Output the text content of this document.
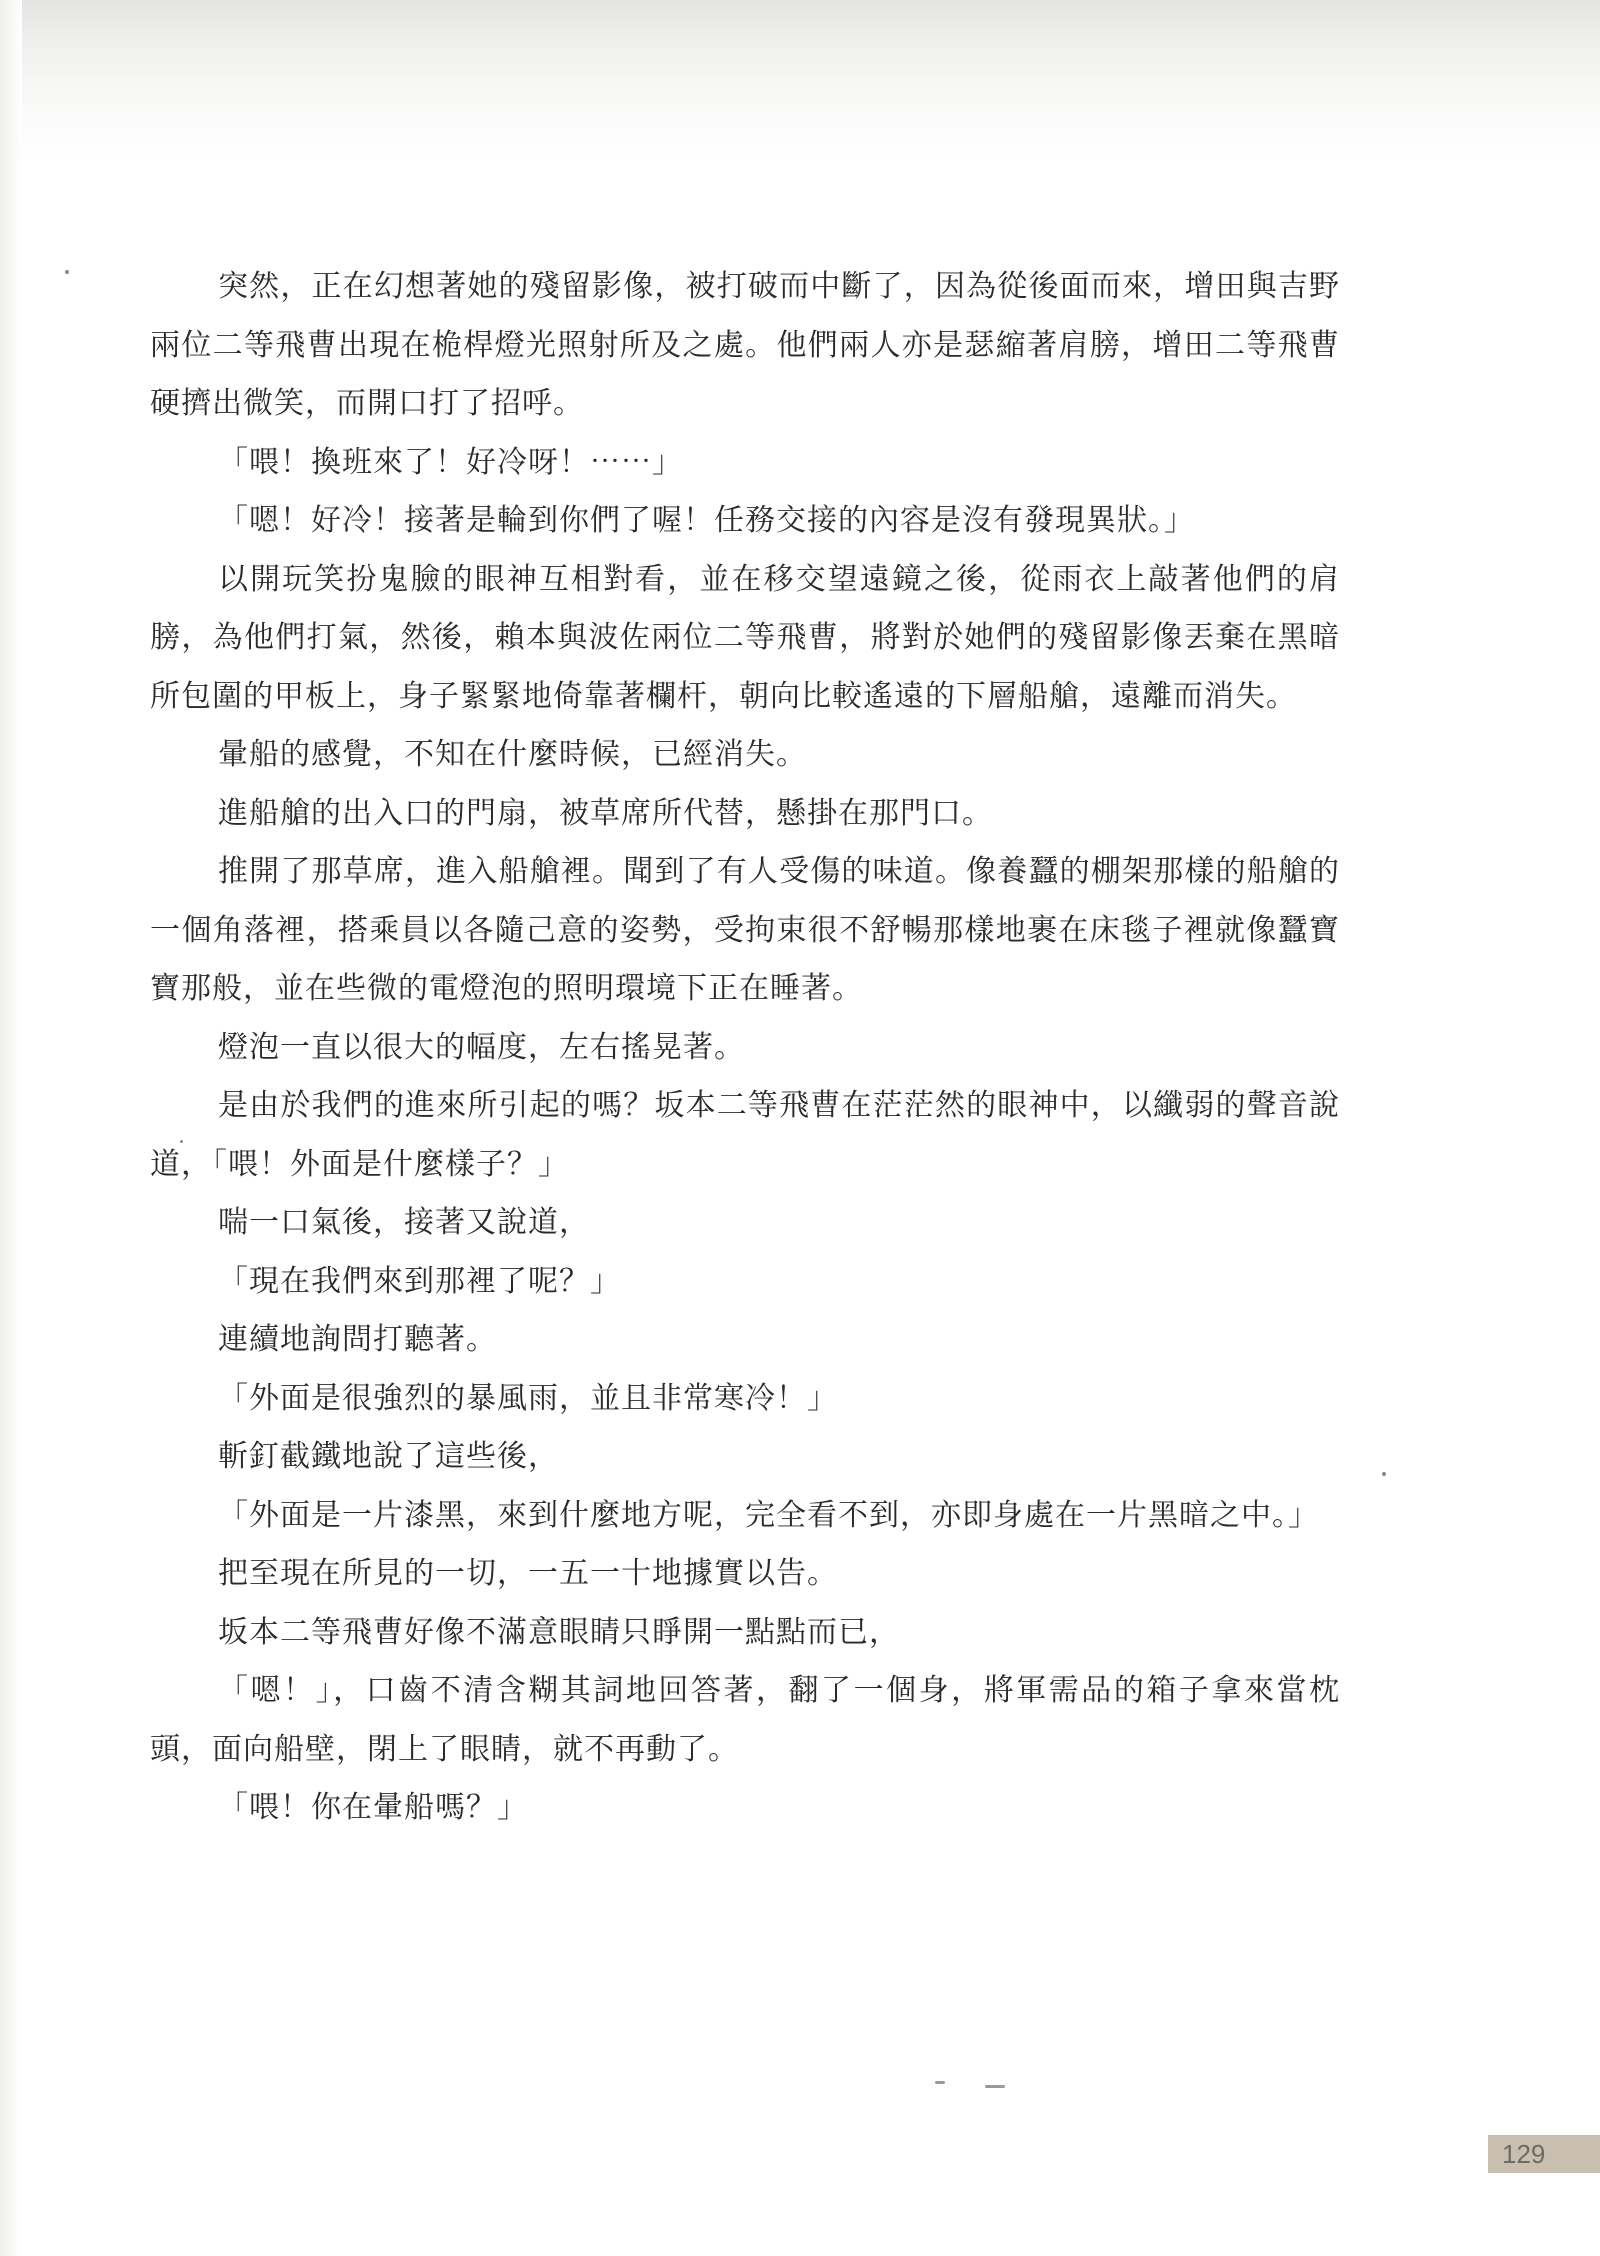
突然，正在幻想著她的殘留影像，被打破而中斷了，因為從後面而來，增田與吉野兩位二等飛曹出現在桅桿燈光照射所及之處。他們兩人亦是瑟縮著肩膀，增田二等飛曹硬擠出微笑，而開口打了招呼。

「喂！換班來了！好冷呀！⋯⋯」

「嗯！好冷！接著是輪到你們了喔！任務交接的內容是沒有發現異狀。」

以開玩笑扮鬼臉的眼神互相對看，並在移交望遠鏡之後，從雨衣上敲著他們的肩膀，為他們打氣，然後，賴本與波佐兩位二等飛曹，將對於她們的殘留影像丟棄在黑暗所包圍的甲板上，身子緊緊地倚靠著欄杆，朝向比較遙遠的下層船艙，遠離而消失。

暈船的感覺，不知在什麼時候，已經消失。

進船艙的出入口的門扇，被草席所代替，懸掛在那門口。

推開了那草席，進入船艙裡。聞到了有人受傷的味道。像養蠶的棚架那樣的船艙的一個角落裡，搭乘員以各隨己意的姿勢，受拘束很不舒暢那樣地裹在床毯子裡就像蠶寶寶那般，並在些微的電燈泡的照明環境下正在睡著。

燈泡一直以很大的幅度，左右搖晃著。

是由於我們的進來所引起的嗎？坂本二等飛曹在茫茫然的眼神中，以纖弱的聲音說道，「喂！外面是什麼樣子？」

喘一口氣後，接著又說道，

「現在我們來到那裡了呢？」

連續地詢問打聽著。

「外面是很強烈的暴風雨，並且非常寒冷！」

斬釘截鐵地說了這些後，

「外面是一片漆黑，來到什麼地方呢，完全看不到，亦即身處在一片黑暗之中。」

把至現在所見的一切，一五一十地據實以告。

坂本二等飛曹好像不滿意眼睛只睜開一點點而已，

「嗯！」，口齒不清含糊其詞地回答著，翻了一個身，將軍需品的箱子拿來當枕頭，面向船壁，閉上了眼睛，就不再動了。

「喂！你在暈船嗎？」

129
